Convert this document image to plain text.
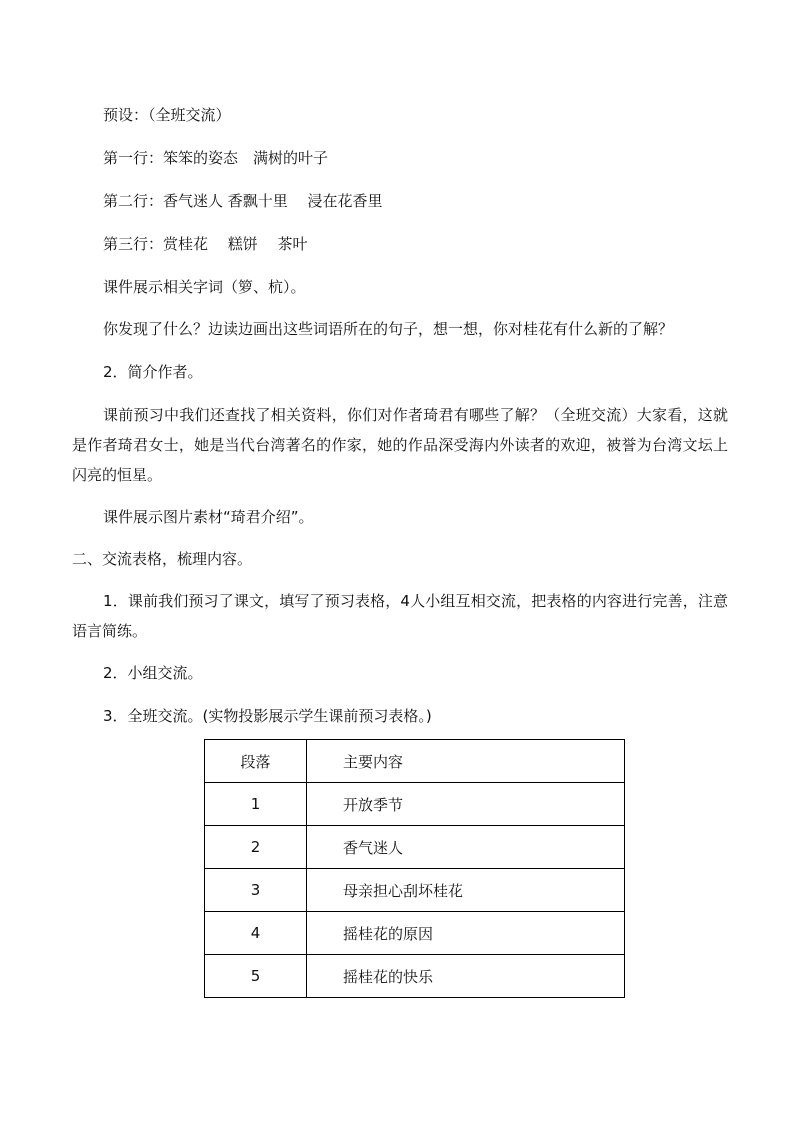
预设：（全班交流）
第一行：笨笨的姿态　满树的叶子
第二行：香气迷人 香飘十里　 浸在花香里
第三行：赏桂花　 糕饼　 茶叶
课件展示相关字词（箩、杭）。
你发现了什么？边读边画出这些词语所在的句子，想一想，你对桂花有什么新的了解？
2．简介作者。
课前预习中我们还查找了相关资料，你们对作者琦君有哪些了解？（全班交流）大家看，这就是作者琦君女士，她是当代台湾著名的作家，她的作品深受海内外读者的欢迎，被誉为台湾文坛上闪亮的恒星。
课件展示图片素材“琦君介绍”。
二、交流表格，梳理内容。
1．课前我们预习了课文，填写了预习表格，4人小组互相交流，把表格的内容进行完善，注意语言简练。
2．小组交流。
3．全班交流。(实物投影展示学生课前预习表格。)
段落	主要内容
1	开放季节
2	香气迷人
3	母亲担心刮坏桂花
4	摇桂花的原因
5	摇桂花的快乐
